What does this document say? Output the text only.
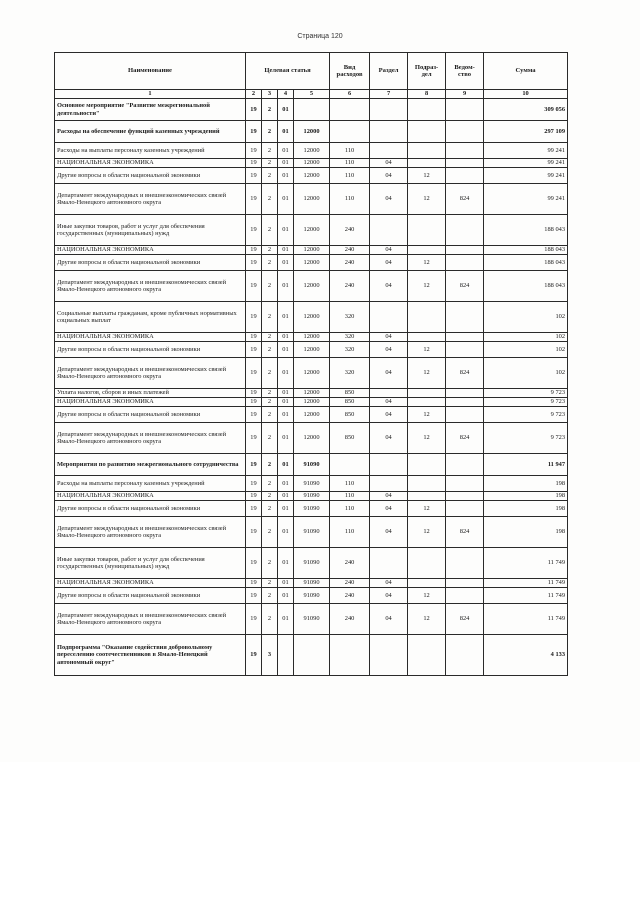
Страница 120
Наименование	Целевая статья				Вид расходов	Раздел	Подраз-дел	Ведом-ство	Сумма
1	2	3	4	5	6	7	8	9	10
Основное мероприятие "Развитие межрегиональной деятельности"	19	2	01						309 056
Расходы на обеспечение функций казенных учреждений	19	2	01	12000					297 109
Расходы на выплаты персоналу казенных учреждений	19	2	01	12000	110				99 241
НАЦИОНАЛЬНАЯ ЭКОНОМИКА	19	2	01	12000	110	04			99 241
Другие вопросы в области национальной экономики	19	2	01	12000	110	04	12		99 241
Департамент международных и внешнеэкономических связей Ямало-Ненецкого автономного округа	19	2	01	12000	110	04	12	824	99 241
Иные закупки товаров, работ и услуг для обеспечения государственных (муниципальных) нужд	19	2	01	12000	240				188 043
НАЦИОНАЛЬНАЯ ЭКОНОМИКА	19	2	01	12000	240	04			188 043
Другие вопросы в области национальной экономики	19	2	01	12000	240	04	12		188 043
Департамент международных и внешнеэкономических связей Ямало-Ненецкого автономного округа	19	2	01	12000	240	04	12	824	188 043
Социальные выплаты гражданам, кроме публичных нормативных социальных выплат	19	2	01	12000	320				102
НАЦИОНАЛЬНАЯ ЭКОНОМИКА	19	2	01	12000	320	04			102
Другие вопросы в области национальной экономики	19	2	01	12000	320	04	12		102
Департамент международных и внешнеэкономических связей Ямало-Ненецкого автономного округа	19	2	01	12000	320	04	12	824	102
Уплата налогов, сборов и иных платежей	19	2	01	12000	850				9 723
НАЦИОНАЛЬНАЯ ЭКОНОМИКА	19	2	01	12000	850	04			9 723
Другие вопросы в области национальной экономики	19	2	01	12000	850	04	12		9 723
Департамент международных и внешнеэкономических связей Ямало-Ненецкого автономного округа	19	2	01	12000	850	04	12	824	9 723
Мероприятия по развитию межрегионального сотрудничества	19	2	01	91090					11 947
Расходы на выплаты персоналу казенных учреждений	19	2	01	91090	110				198
НАЦИОНАЛЬНАЯ ЭКОНОМИКА	19	2	01	91090	110	04			198
Другие вопросы в области национальной экономики	19	2	01	91090	110	04	12		198
Департамент международных и внешнеэкономических связей Ямало-Ненецкого автономного округа	19	2	01	91090	110	04	12	824	198
Иные закупки товаров, работ и услуг для обеспечения государственных (муниципальных) нужд	19	2	01	91090	240				11 749
НАЦИОНАЛЬНАЯ ЭКОНОМИКА	19	2	01	91090	240	04			11 749
Другие вопросы в области национальной экономики	19	2	01	91090	240	04	12		11 749
Департамент международных и внешнеэкономических связей Ямало-Ненецкого автономного округа	19	2	01	91090	240	04	12	824	11 749
Подпрограмма "Оказание содействия добровольному переселению соотечественников в Ямало-Ненецкий автономный округ"	19	3							4 133
